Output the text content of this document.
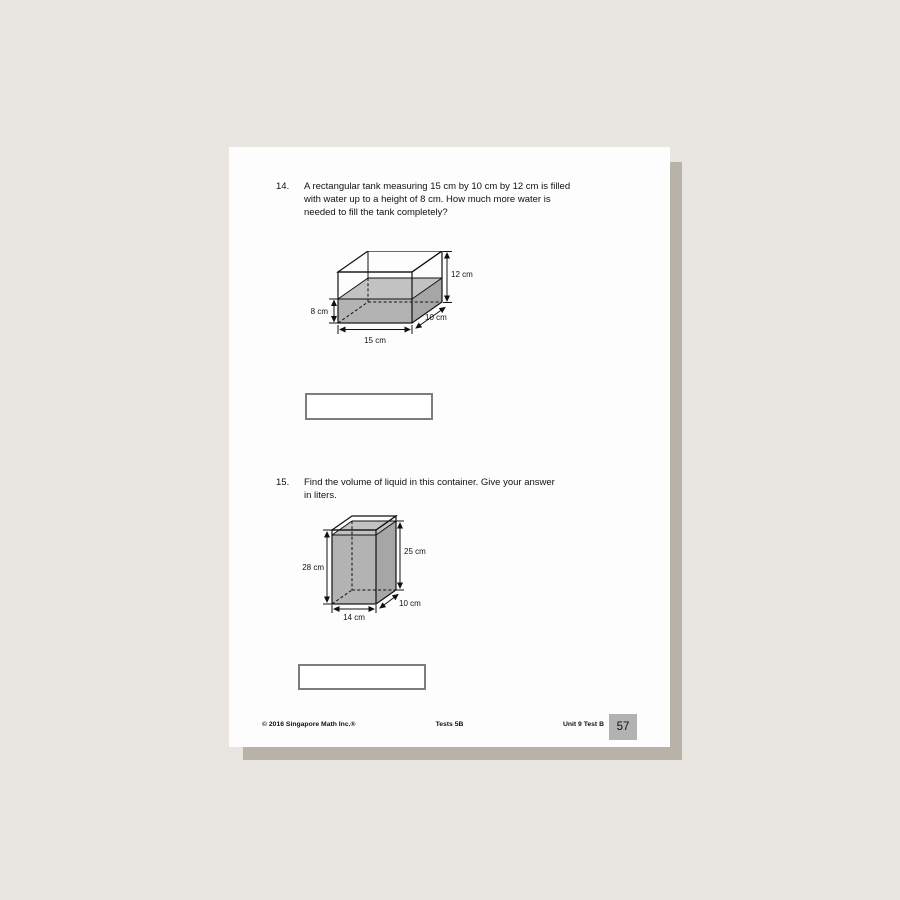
14. A rectangular tank measuring 15 cm by 10 cm by 12 cm is filled
with water up to a height of 8 cm. How much more water is
needed to fill the tank completely?
12 cm
8 cm
15 cm
10 cm
15. Find the volume of liquid in this container. Give your answer
in liters.
28 cm
25 cm
14 cm
10 cm
© 2016 Singapore Math Inc.®	Tests 5B	Unit 9 Test B	57
